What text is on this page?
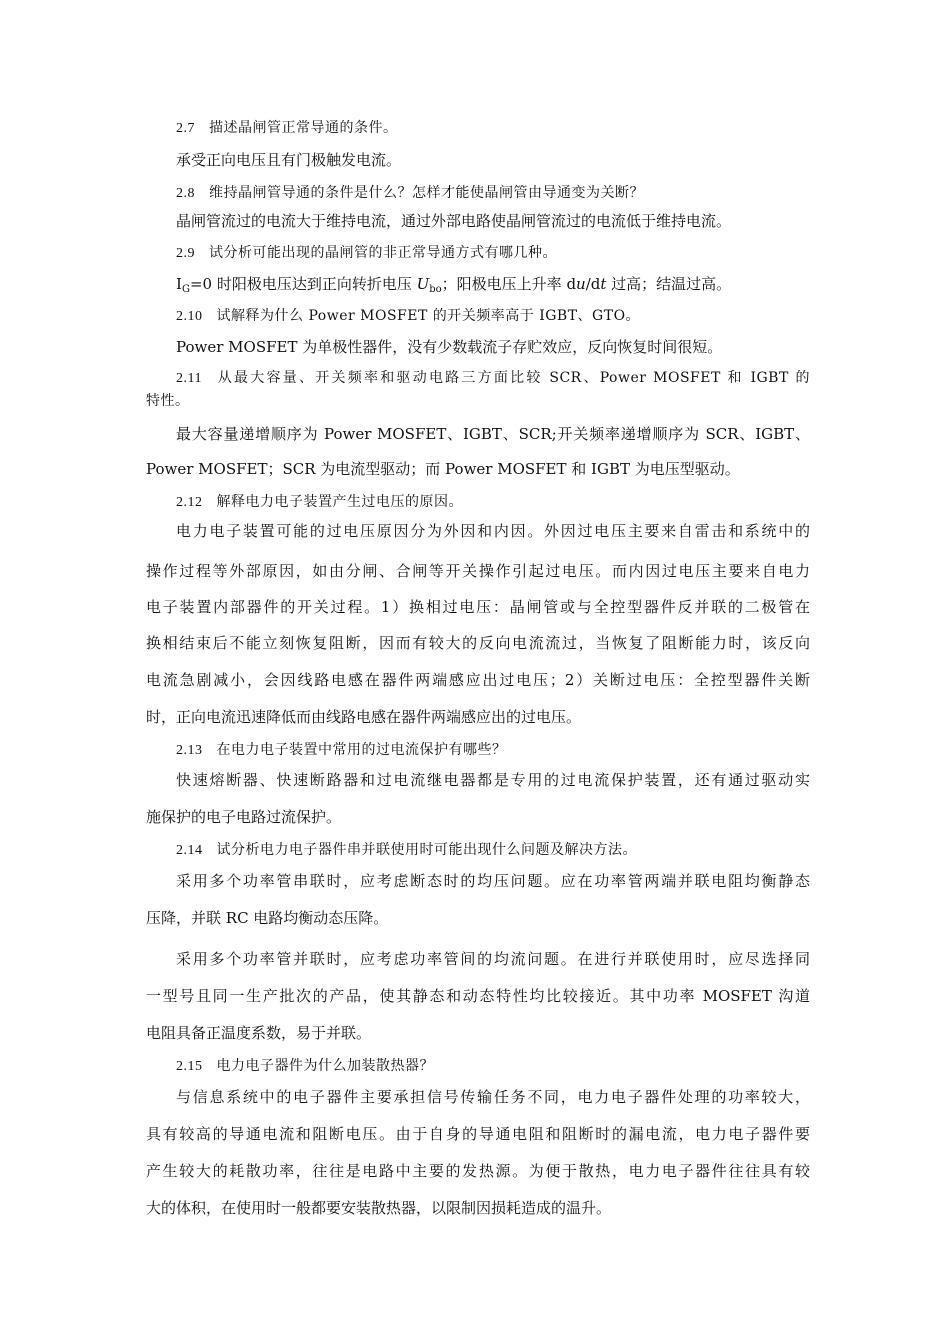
2.7 描述晶闸管正常导通的条件。
承受正向电压且有门极触发电流。
2.8 维持晶闸管导通的条件是什么？怎样才能使晶闸管由导通变为关断？
晶闸管流过的电流大于维持电流，通过外部电路使晶闸管流过的电流低于维持电流。
2.9 试分析可能出现的晶闸管的非正常导通方式有哪几种。
$I_G=0$ 时阳极电压达到正向转折电压 $U_{bo}$；阳极电压上升率 du/dt 过高；结温过高。
2.10 试解释为什么 Power MOSFET 的开关频率高于 IGBT、GTO。
Power MOSFET 为单极性器件，没有少数载流子存贮效应，反向恢复时间很短。
2.11 从最大容量、开关频率和驱动电路三方面比较 SCR、Power MOSFET 和 IGBT 的
特性。
最大容量递增顺序为 Power MOSFET、IGBT、SCR;开关频率递增顺序为 SCR、IGBT、
Power MOSFET；SCR 为电流型驱动；而 Power MOSFET 和 IGBT 为电压型驱动。
2.12 解释电力电子装置产生过电压的原因。
电力电子装置可能的过电压原因分为外因和内因。外因过电压主要来自雷击和系统中的
操作过程等外部原因，如由分闸、合闸等开关操作引起过电压。而内因过电压主要来自电力
电子装置内部器件的开关过程。1）换相过电压：晶闸管或与全控型器件反并联的二极管在
换相结束后不能立刻恢复阻断，因而有较大的反向电流流过，当恢复了阻断能力时，该反向
电流急剧减小，会因线路电感在器件两端感应出过电压；2）关断过电压：全控型器件关断
时，正向电流迅速降低而由线路电感在器件两端感应出的过电压。
2.13 在电力电子装置中常用的过电流保护有哪些？
快速熔断器、快速断路器和过电流继电器都是专用的过电流保护装置，还有通过驱动实
施保护的电子电路过流保护。
2.14 试分析电力电子器件串并联使用时可能出现什么问题及解决方法。
采用多个功率管串联时，应考虑断态时的均压问题。应在功率管两端并联电阻均衡静态
压降，并联 RC 电路均衡动态压降。
采用多个功率管并联时，应考虑功率管间的均流问题。在进行并联使用时，应尽选择同
一型号且同一生产批次的产品，使其静态和动态特性均比较接近。其中功率 MOSFET 沟道
电阻具备正温度系数，易于并联。
2.15 电力电子器件为什么加装散热器？
与信息系统中的电子器件主要承担信号传输任务不同，电力电子器件处理的功率较大，
具有较高的导通电流和阻断电压。由于自身的导通电阻和阻断时的漏电流，电力电子器件要
产生较大的耗散功率，往往是电路中主要的发热源。为便于散热，电力电子器件往往具有较
大的体积，在使用时一般都要安装散热器，以限制因损耗造成的温升。
